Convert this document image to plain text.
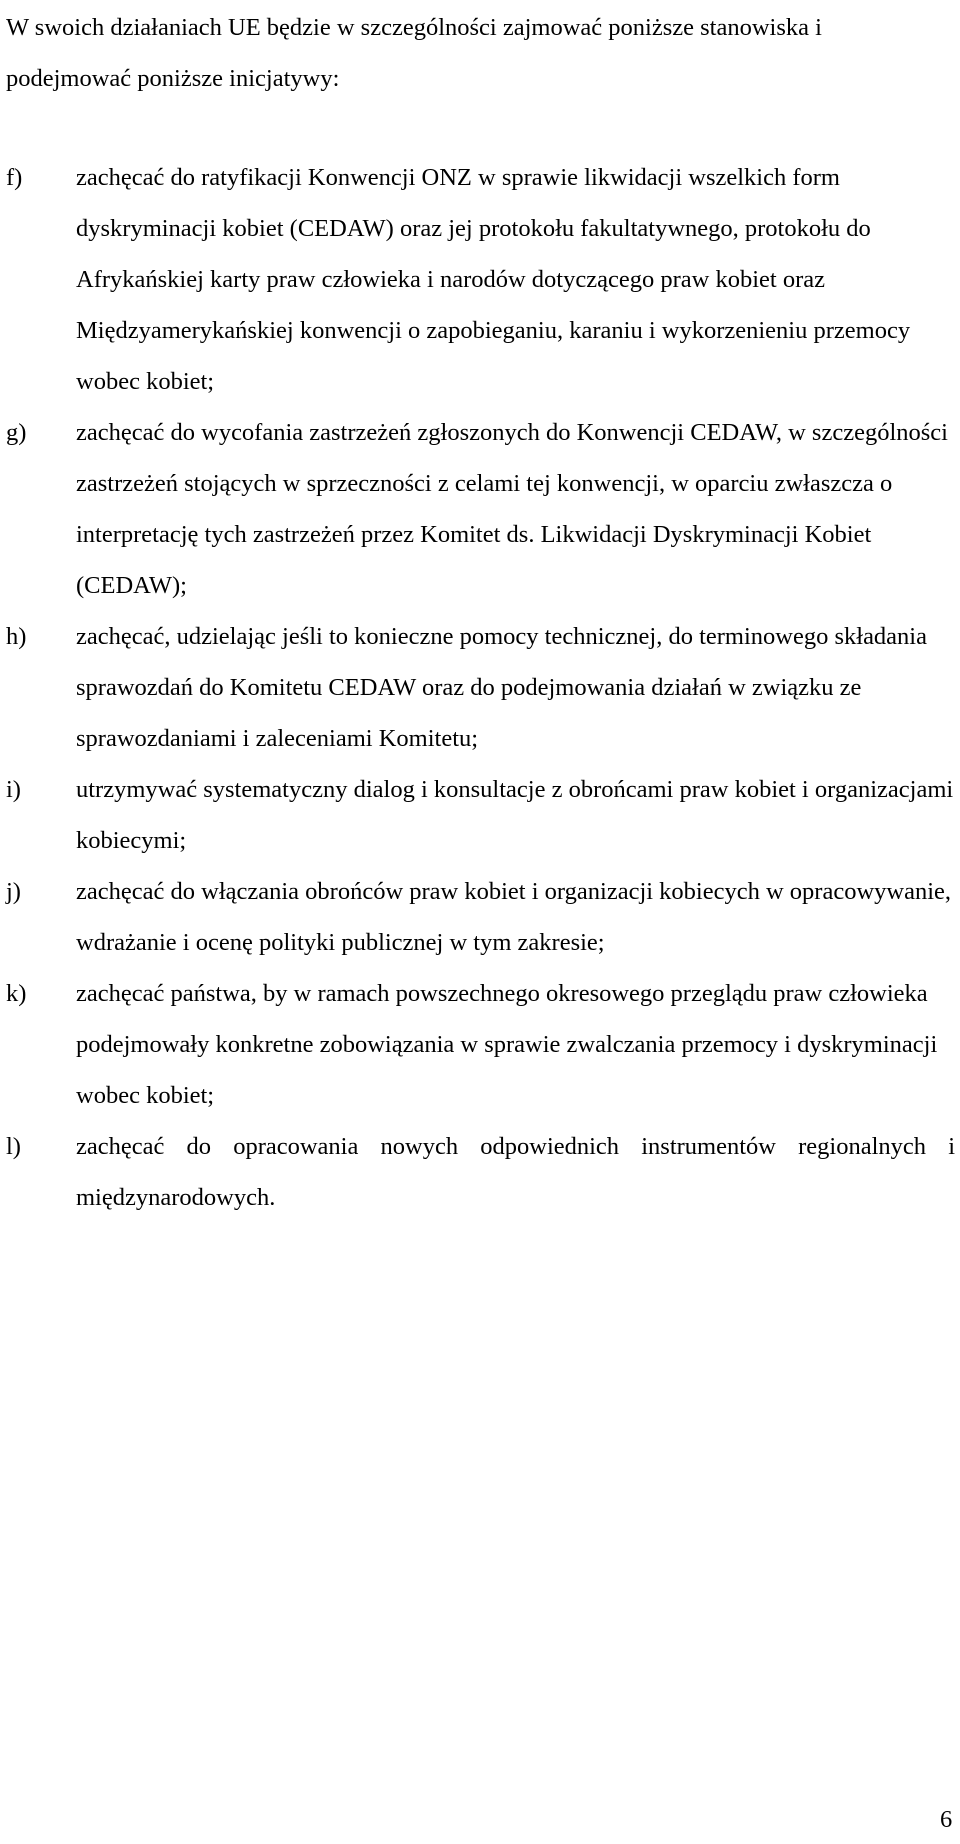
W swoich działaniach UE będzie w szczególności zajmować poniższe stanowiska i podejmować poniższe inicjatywy:

f) zachęcać do ratyfikacji Konwencji ONZ w sprawie likwidacji wszelkich form dyskryminacji kobiet (CEDAW) oraz jej protokołu fakultatywnego, protokołu do Afrykańskiej karty praw człowieka i narodów dotyczącego praw kobiet oraz Międzyamerykańskiej konwencji o zapobieganiu, karaniu i wykorzenieniu przemocy wobec kobiet;

g) zachęcać do wycofania zastrzeżeń zgłoszonych do Konwencji CEDAW, w szczególności zastrzeżeń stojących w sprzeczności z celami tej konwencji, w oparciu zwłaszcza o interpretację tych zastrzeżeń przez Komitet ds. Likwidacji Dyskryminacji Kobiet (CEDAW);

h) zachęcać, udzielając jeśli to konieczne pomocy technicznej, do terminowego składania sprawozdań do Komitetu CEDAW oraz do podejmowania działań w związku ze sprawozdaniami i zaleceniami Komitetu;

i) utrzymywać systematyczny dialog i konsultacje z obrońcami praw kobiet i organizacjami kobiecymi;

j) zachęcać do włączania obrońców praw kobiet i organizacji kobiecych w opracowywanie, wdrażanie i ocenę polityki publicznej w tym zakresie;

k) zachęcać państwa, by w ramach powszechnego okresowego przeglądu praw człowieka podejmowały konkretne zobowiązania w sprawie zwalczania przemocy i dyskryminacji wobec kobiet;

l) zachęcać do opracowania nowych odpowiednich instrumentów regionalnych i międzynarodowych.

6
